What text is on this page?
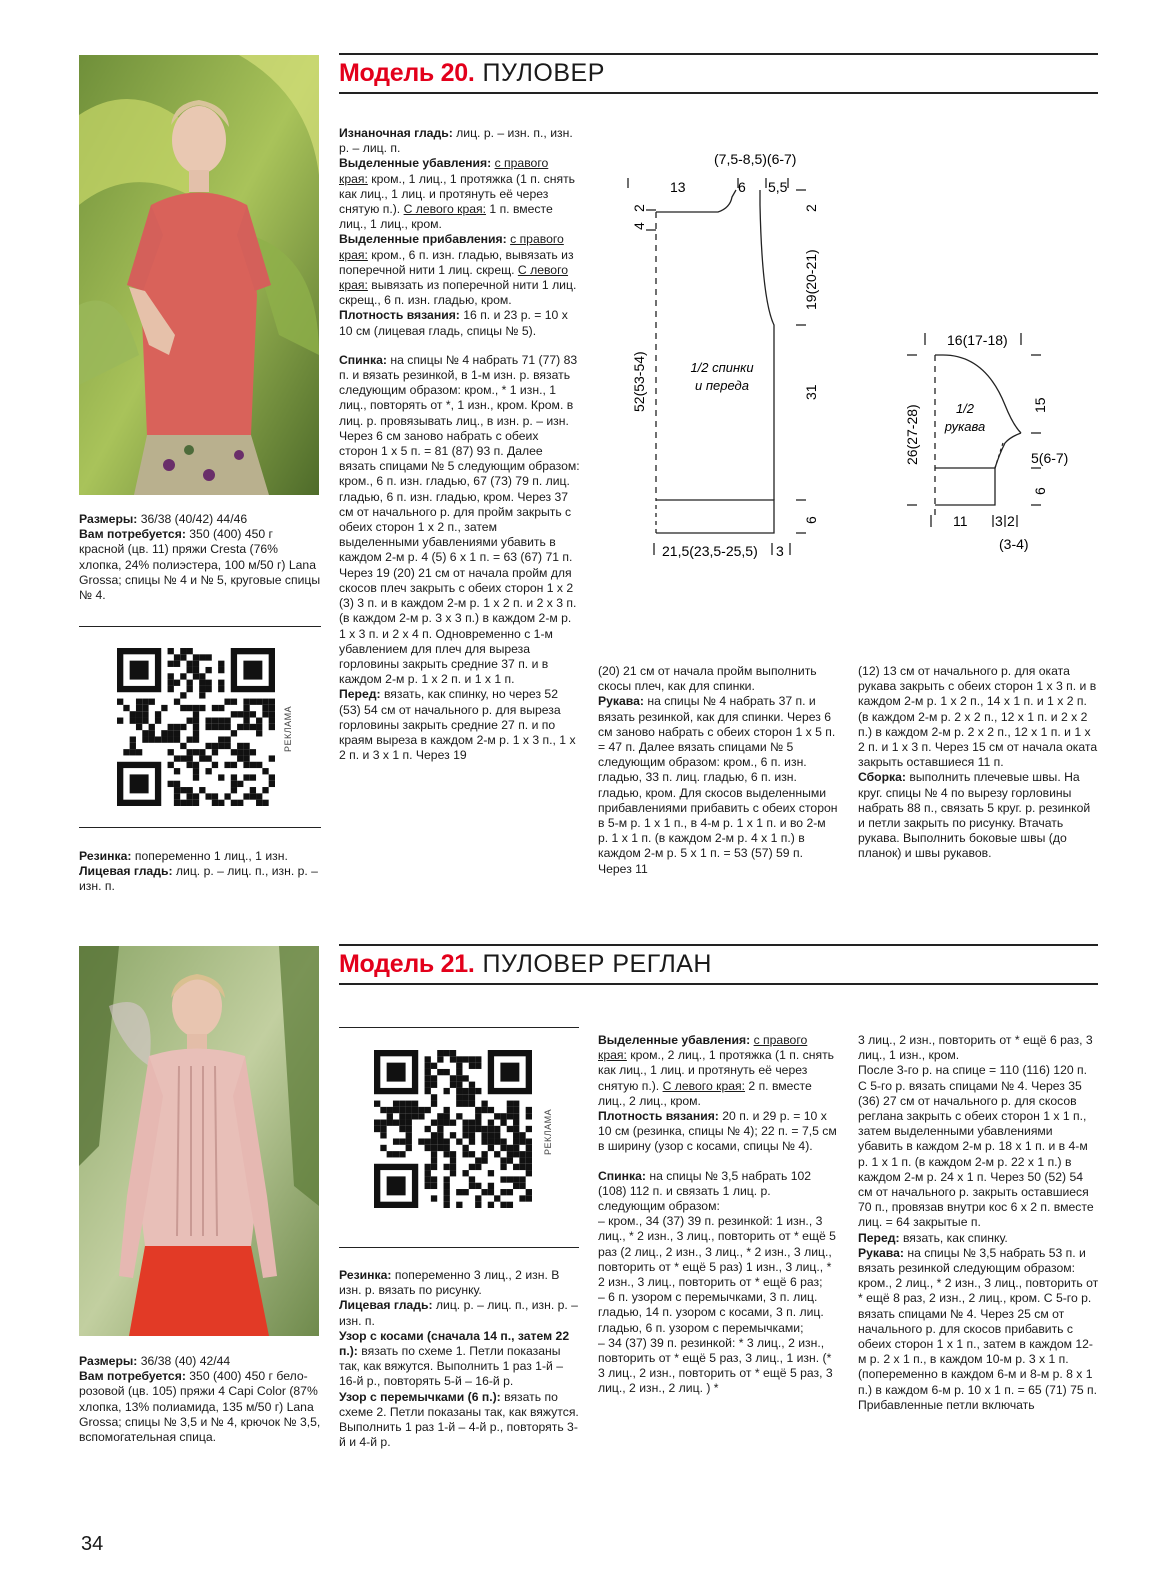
Размеры: 36/38 (40/42) 44/46

Вам потребуется: 350 (400) 450 г красной (цв. 11) пряжи Cresta (76% хлопка, 24% полиэстера, 100 м/50 г) Lana Grossa; спицы № 4 и № 5, круговые спицы № 4.

РЕКЛАМА

Резинка: попеременно 1 лиц., 1 изн.

Лицевая гладь: лиц. р. – лиц. п., изн. р. – изн. п.

Модель 20. ПУЛОВЕР

Изнаночная гладь: лиц. р. – изн. п., изн. р. – лиц. п.

Выделенные убавления: с правого края: кром., 1 лиц., 1 протяжка (1 п. снять как лиц., 1 лиц. и протянуть её через снятую п.). С левого края: 1 п. вместе лиц., 1 лиц., кром.

Выделенные прибавления: с правого края: кром., 6 п. изн. гладью, вывязать из поперечной нити 1 лиц. скрещ. С левого края: вывязать из поперечной нити 1 лиц. скрещ., 6 п. изн. гладью, кром.

Плотность вязания: 16 п. и 23 р. = 10 х 10 см (лицевая гладь, спицы № 5).

Спинка: на спицы № 4 набрать 71 (77) 83 п. и вязать резинкой, в 1-м изн. р. вязать следующим образом: кром., * 1 изн., 1 лиц., повторять от *, 1 изн., кром. Кром. в лиц. р. провязывать лиц., в изн. р. – изн. Через 6 см заново набрать с обеих сторон 1 х 5 п. = 81 (87) 93 п. Далее вязать спицами № 5 следующим образом: кром., 6 п. изн. гладью, 67 (73) 79 п. лиц. гладью, 6 п. изн. гладью, кром. Через 37 см от начального р. для пройм закрыть с обеих сторон 1 х 2 п., затем выделенными убавлениями убавить в каждом 2-м р. 4 (5) 6 х 1 п. = 63 (67) 71 п. Через 19 (20) 21 см от начала пройм для скосов плеч закрыть с обеих сторон 1 х 2 (3) 3 п. и в каждом 2-м р. 1 х 2 п. и 2 х 3 п. (в каждом 2-м р. 3 х 3 п.) в каждом 2-м р. 1 х 3 п. и 2 х 4 п. Одновременно с 1-м убавлением для плеч для выреза горловины закрыть средние 37 п. и в каждом 2-м р. 1 х 2 п. и 1 х 1 п.

Перед: вязать, как спинку, но через 52 (53) 54 см от начального р. для выреза горловины закрыть средние 27 п. и по краям выреза в каждом 2-м р. 1 х 3 п., 1 х 2 п. и 3 х 1 п. Через 19

(20) 21 см от начала пройм выполнить скосы плеч, как для спинки.

Рукава: на спицы № 4 набрать 37 п. и вязать резинкой, как для спинки. Через 6 см заново набрать с обеих сторон 1 х 5 п. = 47 п. Далее вязать спицами № 5 следующим образом: кром., 6 п. изн. гладью, 33 п. лиц. гладью, 6 п. изн. гладью, кром. Для скосов выделенными прибавлениями прибавить с обеих сторон в 5-м р. 1 х 1 п., в 4-м р. 1 х 1 п. и во 2-м р. 1 х 1 п. (в каждом 2-м р. 4 х 1 п.) в каждом 2-м р. 5 х 1 п. = 53 (57) 59 п. Через 11

(12) 13 см от начального р. для оката рукава закрыть с обеих сторон 1 х 3 п. и в каждом 2-м р. 1 х 2 п., 14 х 1 п. и 1 х 2 п. (в каждом 2-м р. 2 х 2 п., 12 х 1 п. и 2 х 2 п.) в каждом 2-м р. 2 х 2 п., 12 х 1 п. и 1 х 2 п. и 1 х 3 п. Через 15 см от начала оката закрыть оставшиеся 11 п.

Сборка: выполнить плечевые швы. На круг. спицы № 4 по вырезу горловины набрать 88 п., связать 5 круг. р. резинкой и петли закрыть по рисунку. Втачать рукава. Выполнить боковые швы (до планок) и швы рукавов.

13
(7,5-8,5)(6-7)
6 5,5
4
2
52(53-54)
2
19(20-21)
31
6
1/2 спинки
и переда
21,5(23,5-25,5) 3
16(17-18)
26(27-28)	15
5(6-7)
6
1/2
рукава
11 3 2
(3-4)

Размеры: 36/38 (40) 42/44

Вам потребуется: 350 (400) 450 г бело-розовой (цв. 105) пряжи 4 Capi Color (87% хлопка, 13% полиамида, 135 м/50 г) Lana Grossa; спицы № 3,5 и № 4, крючок № 3,5, вспомогательная спица.

Модель 21. ПУЛОВЕР РЕГЛАН
РЕКЛАМА

Резинка: попеременно 3 лиц., 2 изн. В изн. р. вязать по рисунку.

Лицевая гладь: лиц. р. – лиц. п., изн. р. – изн. п.

Узор с косами (сначала 14 п., затем 22 п.): вязать по схеме 1. Петли показаны так, как вяжутся. Выполнить 1 раз 1-й – 16-й р., повторять 5-й – 16-й р.

Узор с перемычками (6 п.): вязать по схеме 2. Петли показаны так, как вяжутся. Выполнить 1 раз 1-й – 4-й р., повторять 3-й и 4-й р.

Выделенные убавления: с правого края: кром., 2 лиц., 1 протяжка (1 п. снять как лиц., 1 лиц. и протянуть её через снятую п.). С левого края: 2 п. вместе лиц., 2 лиц., кром.

Плотность вязания: 20 п. и 29 р. = 10 х 10 см (резинка, спицы № 4); 22 п. = 7,5 см в ширину (узор с косами, спицы № 4).

Спинка: на спицы № 3,5 набрать 102 (108) 112 п. и связать 1 лиц. р. следующим образом:

– кром., 34 (37) 39 п. резинкой: 1 изн., 3 лиц., * 2 изн., 3 лиц., повторить от * ещё 5 раз (2 лиц., 2 изн., 3 лиц., * 2 изн., 3 лиц., повторить от * ещё 5 раз) 1 изн., 3 лиц., * 2 изн., 3 лиц., повторить от * ещё 6 раз;

– 6 п. узором с перемычками, 3 п. лиц. гладью, 14 п. узором с косами, 3 п. лиц. гладью, 6 п. узором с перемычками;

– 34 (37) 39 п. резинкой: * 3 лиц., 2 изн., повторить от * ещё 5 раз, 3 лиц., 1 изн. (* 3 лиц., 2 изн., повторить от * ещё 5 раз, 3 лиц., 2 изн., 2 лиц. ) *

3 лиц., 2 изн., повторить от * ещё 6 раз, 3 лиц., 1 изн., кром.

После 3-го р. на спице = 110 (116) 120 п. С 5-го р. вязать спицами № 4. Через 35 (36) 27 см от начального р. для скосов реглана закрыть с обеих сторон 1 х 1 п., затем выделенными убавлениями убавить в каждом 2-м р. 18 х 1 п. и в 4-м р. 1 х 1 п. (в каждом 2-м р. 22 х 1 п.) в каждом 2-м р. 24 х 1 п. Через 50 (52) 54 см от начального р. закрыть оставшиеся 70 п., провязав внутри кос 6 х 2 п. вместе лиц. = 64 закрытые п.

Перед: вязать, как спинку.

Рукава: на спицы № 3,5 набрать 53 п. и вязать резинкой следующим образом: кром., 2 лиц., * 2 изн., 3 лиц., повторить от * ещё 8 раз, 2 изн., 2 лиц., кром. С 5-го р. вязать спицами № 4. Через 25 см от начального р. для скосов прибавить с обеих сторон 1 х 1 п., затем в каждом 12-м р. 2 х 1 п., в каждом 10-м р. 3 х 1 п. (попеременно в каждом 6-м и 8-м р. 8 х 1 п.) в каждом 6-м р. 10 х 1 п. = 65 (71) 75 п. Прибавленные петли включать

34
